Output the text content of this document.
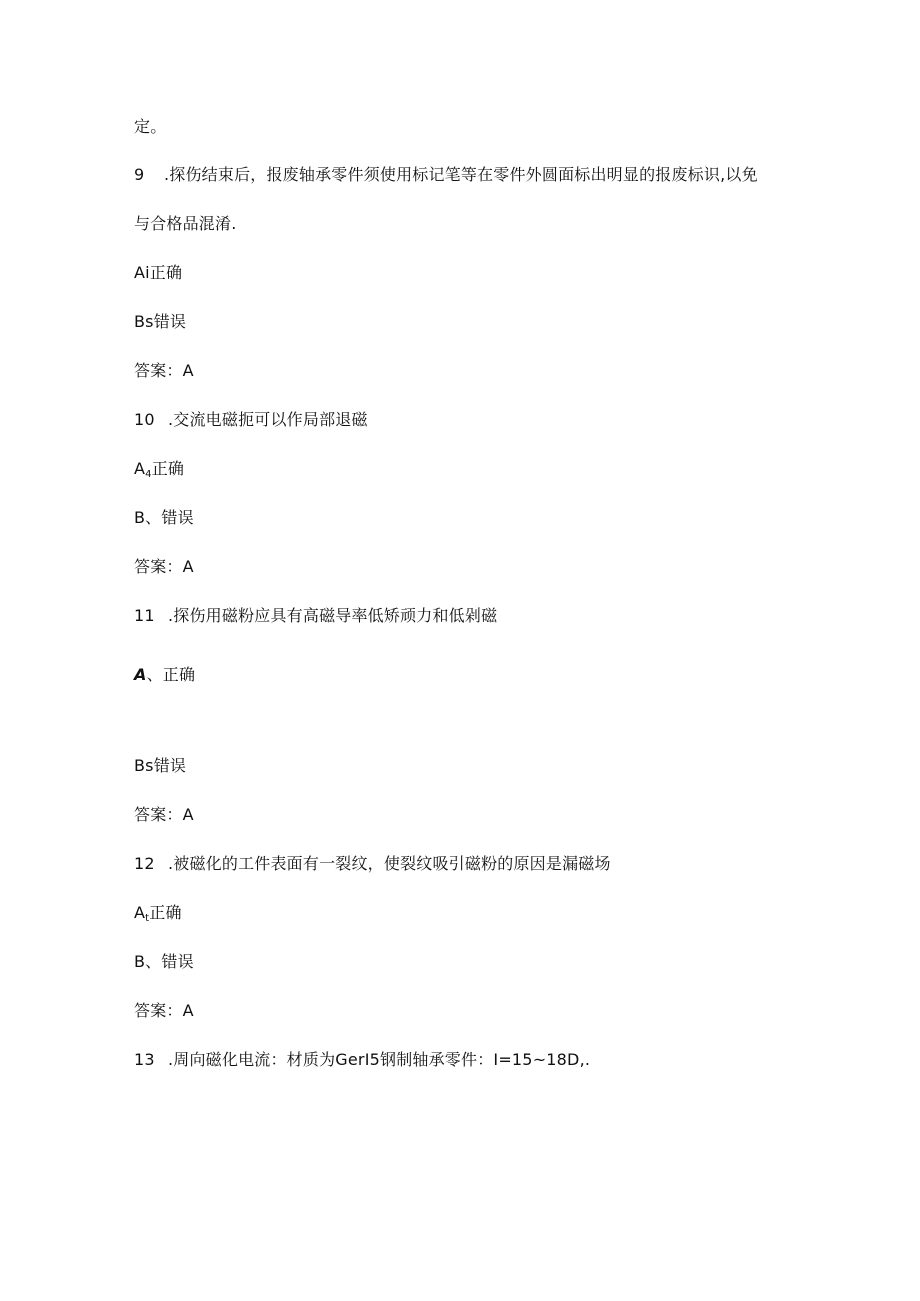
定。
9 .探伤结束后，报废轴承零件须使用标记笔等在零件外圆面标出明显的报废标识,以免
与合格品混淆.
Ai正确
Bs错误
答案：A
10 .交流电磁扼可以作局部退磁
$A_4$正确
B、错误
答案：A
11 .探伤用磁粉应具有高磁导率低矫顽力和低剁磁
A、正确
Bs错误
答案：A
12 .被磁化的工件表面有一裂纹，使裂纹吸引磁粉的原因是漏磁场
$A_t$正确
B、错误
答案：A
13 .周向磁化电流：材质为GerI5钢制轴承零件：I=15~18D,.
